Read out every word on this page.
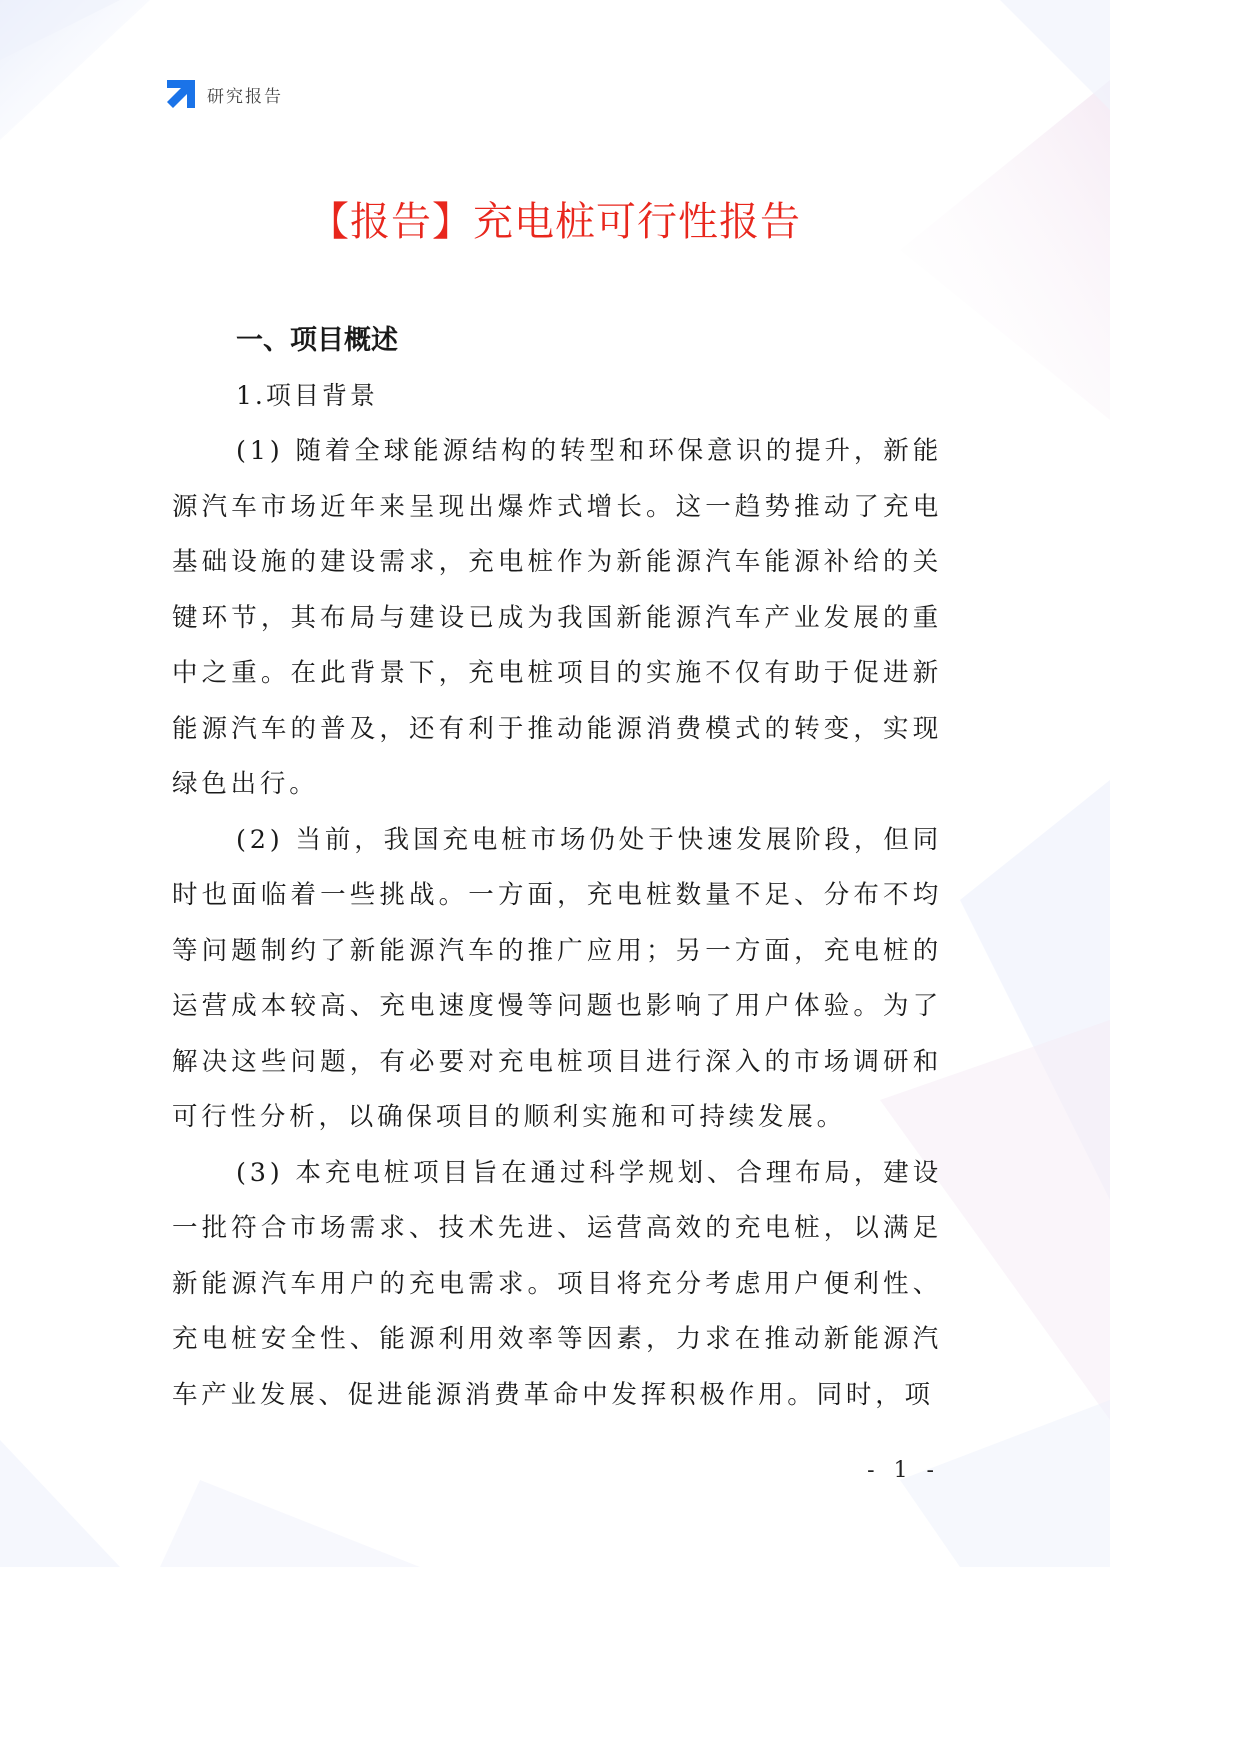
研究报告
【报告】充电桩可行性报告
一、项目概述
1.项目背景

(1) 随着全球能源结构的转型和环保意识的提升，新能源汽车市场近年来呈现出爆炸式增长。这一趋势推动了充电基础设施的建设需求，充电桩作为新能源汽车能源补给的关键环节，其布局与建设已成为我国新能源汽车产业发展的重中之重。在此背景下，充电桩项目的实施不仅有助于促进新能源汽车的普及，还有利于推动能源消费模式的转变，实现绿色出行。

(2) 当前，我国充电桩市场仍处于快速发展阶段，但同时也面临着一些挑战。一方面，充电桩数量不足、分布不均等问题制约了新能源汽车的推广应用；另一方面，充电桩的运营成本较高、充电速度慢等问题也影响了用户体验。为了解决这些问题，有必要对充电桩项目进行深入的市场调研和可行性分析，以确保项目的顺利实施和可持续发展。

(3) 本充电桩项目旨在通过科学规划、合理布局，建设一批符合市场需求、技术先进、运营高效的充电桩，以满足新能源汽车用户的充电需求。项目将充分考虑用户便利性、充电桩安全性、能源利用效率等因素，力求在推动新能源汽车产业发展、促进能源消费革命中发挥积极作用。同时，项

- 1 -
